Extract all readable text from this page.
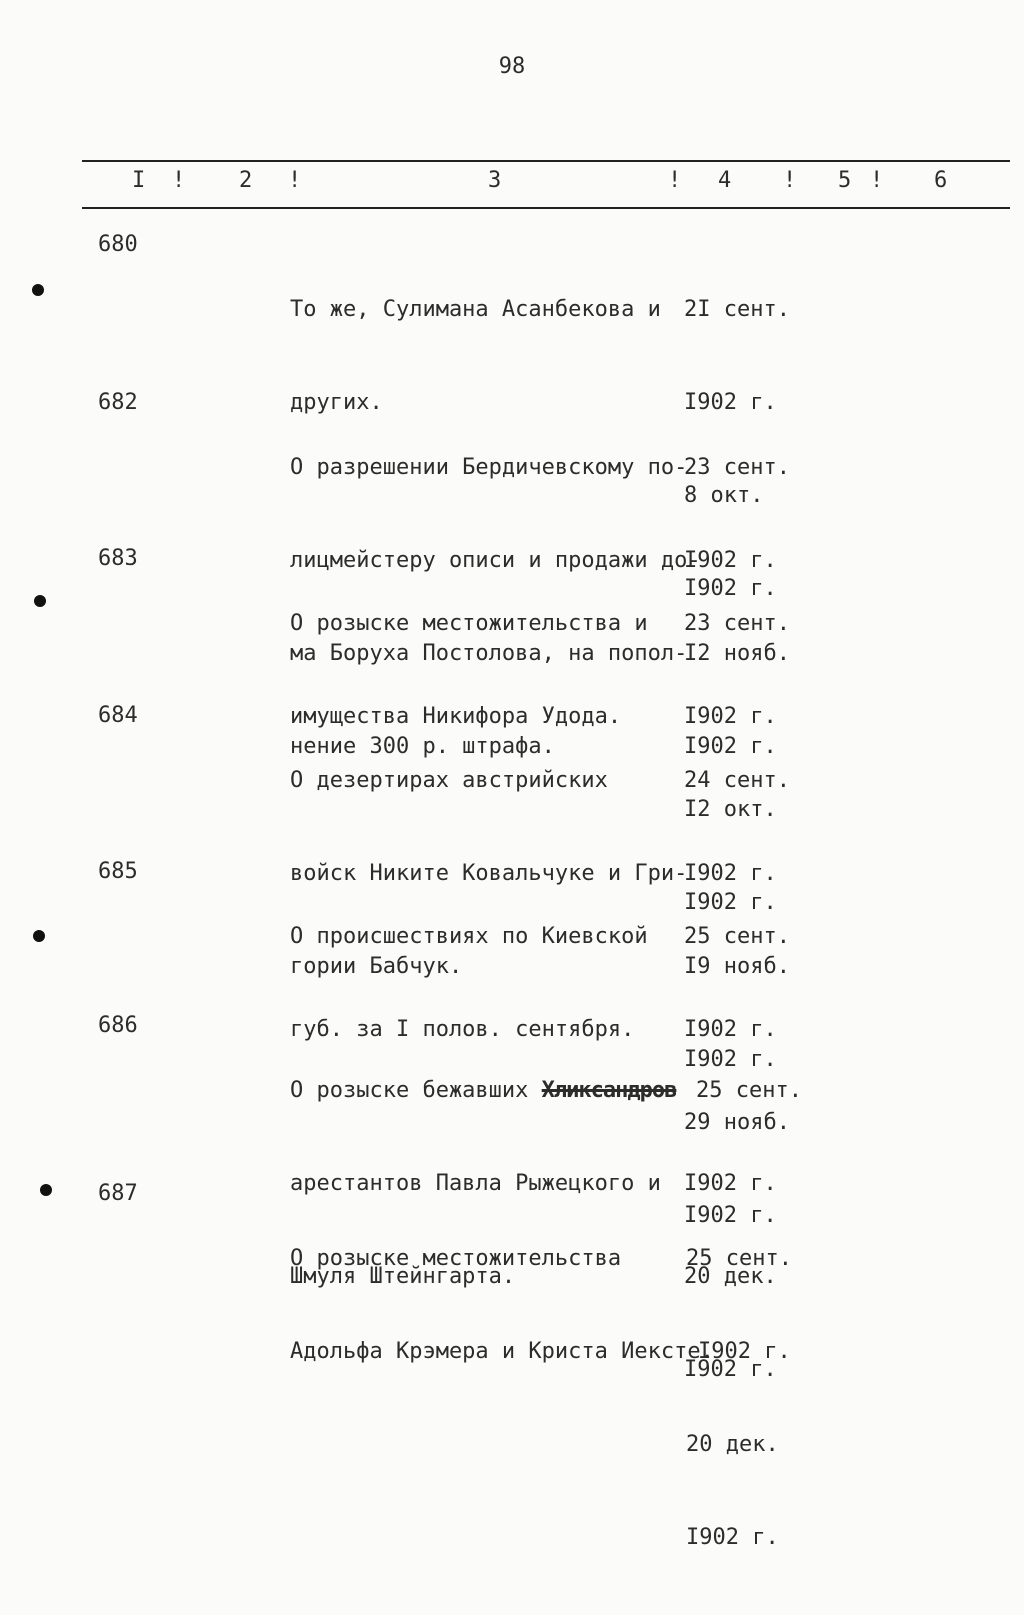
98
I ! 2 !	3	! 4 ! 5 ! 6
680

То же, Сулимана Асанбекова и

других.

2I сент.

I902 г.

8 окт.

I902 г.

682

О разрешении Бердичевскому по-

лицмейстеру описи и продажи до-

ма Боруха Постолова, на попол-

нение 300 р. штрафа.

23 сент.

I902 г.

I2 нояб.

I902 г.

683

О розыске местожительства и

имущества Никифора Удода.

23 сент.

I902 г.

I2 окт.

I902 г.

684

О дезертирах австрийских

войск Никите Ковальчуке и Гри-

гории Бабчук.

24 сент.

I902 г.

I9 нояб.

I902 г.

685

О происшествиях по Киевской

губ. за I полов. сентября.

25 сент.

I902 г.

29 нояб.

I902 г.

686

О розыске бежавших Хликсандров

арестантов Павла Рыжецкого и

Шмуля Штейнгарта.

25 сент.

I902 г.

20 дек.

I902 г.

687

О розыске местожительства

Адольфа Крэмера и Криста Иексте.

25 сент.

I902 г.

20 дек.

I902 г.
